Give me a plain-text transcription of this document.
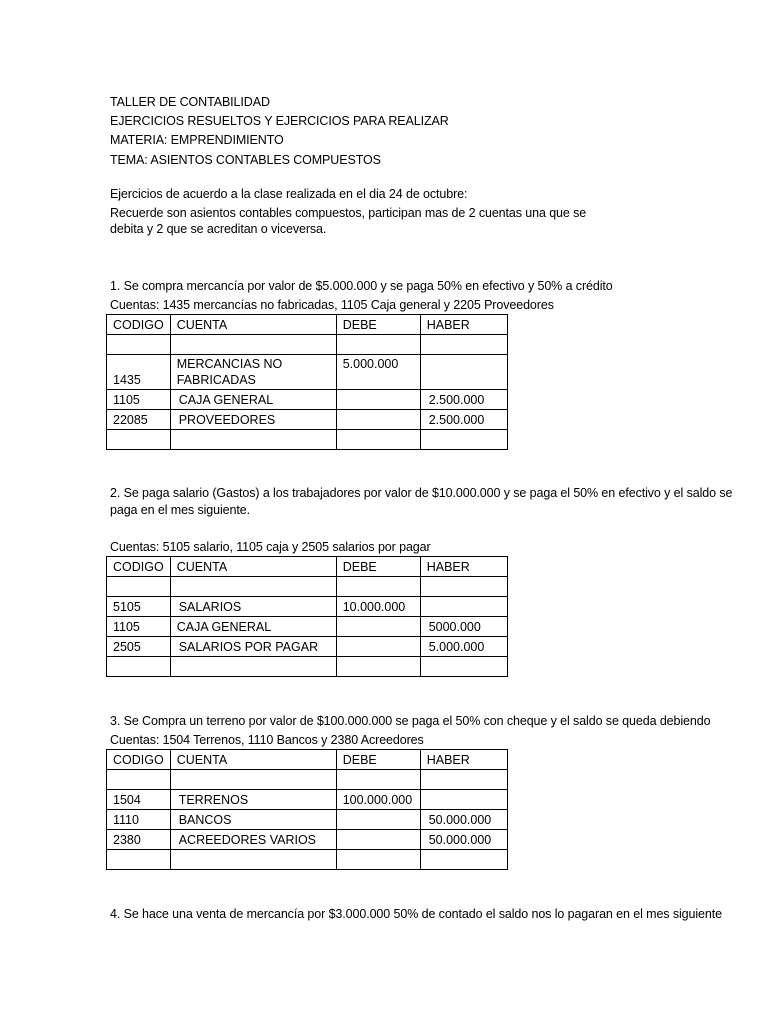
TALLER DE CONTABILIDAD
EJERCICIOS RESUELTOS Y EJERCICIOS PARA REALIZAR
MATERIA: EMPRENDIMIENTO
TEMA: ASIENTOS CONTABLES COMPUESTOS
Ejercicios de acuerdo a la clase realizada en el dia 24 de octubre:
Recuerde son asientos contables compuestos, participan mas de 2 cuentas una que se
debita y 2 que se acreditan o viceversa.
1. Se compra mercancía por valor de $5.000.000 y se paga 50% en efectivo y 50% a crédito
Cuentas: 1435 mercancías no fabricadas, 1105 Caja general y 2205 Proveedores
CODIGO	CUENTA	DEBE	HABER

1435	MERCANCIAS NO FABRICADAS	5.000.000	
1105	CAJA GENERAL		2.500.000
22085	PROVEEDORES		2.500.000

2. Se paga salario (Gastos) a los trabajadores por valor de $10.000.000 y se paga el 50% en efectivo y el saldo se
paga en el mes siguiente.
Cuentas: 5105 salario, 1105 caja y 2505 salarios por pagar
CODIGO	CUENTA	DEBE	HABER

5105	SALARIOS	10.000.000	
1105	CAJA GENERAL		5000.000
2505	SALARIOS POR PAGAR		5.000.000

3. Se Compra un terreno por valor de $100.000.000 se paga el 50% con cheque y el saldo se queda debiendo
Cuentas: 1504 Terrenos, 1110 Bancos y 2380 Acreedores
CODIGO	CUENTA	DEBE	HABER

1504	TERRENOS	100.000.000	
1110	BANCOS		50.000.000
2380	ACREEDORES VARIOS		50.000.000

4. Se hace una venta de mercancía por $3.000.000 50% de contado el saldo nos lo pagaran en el mes siguiente
